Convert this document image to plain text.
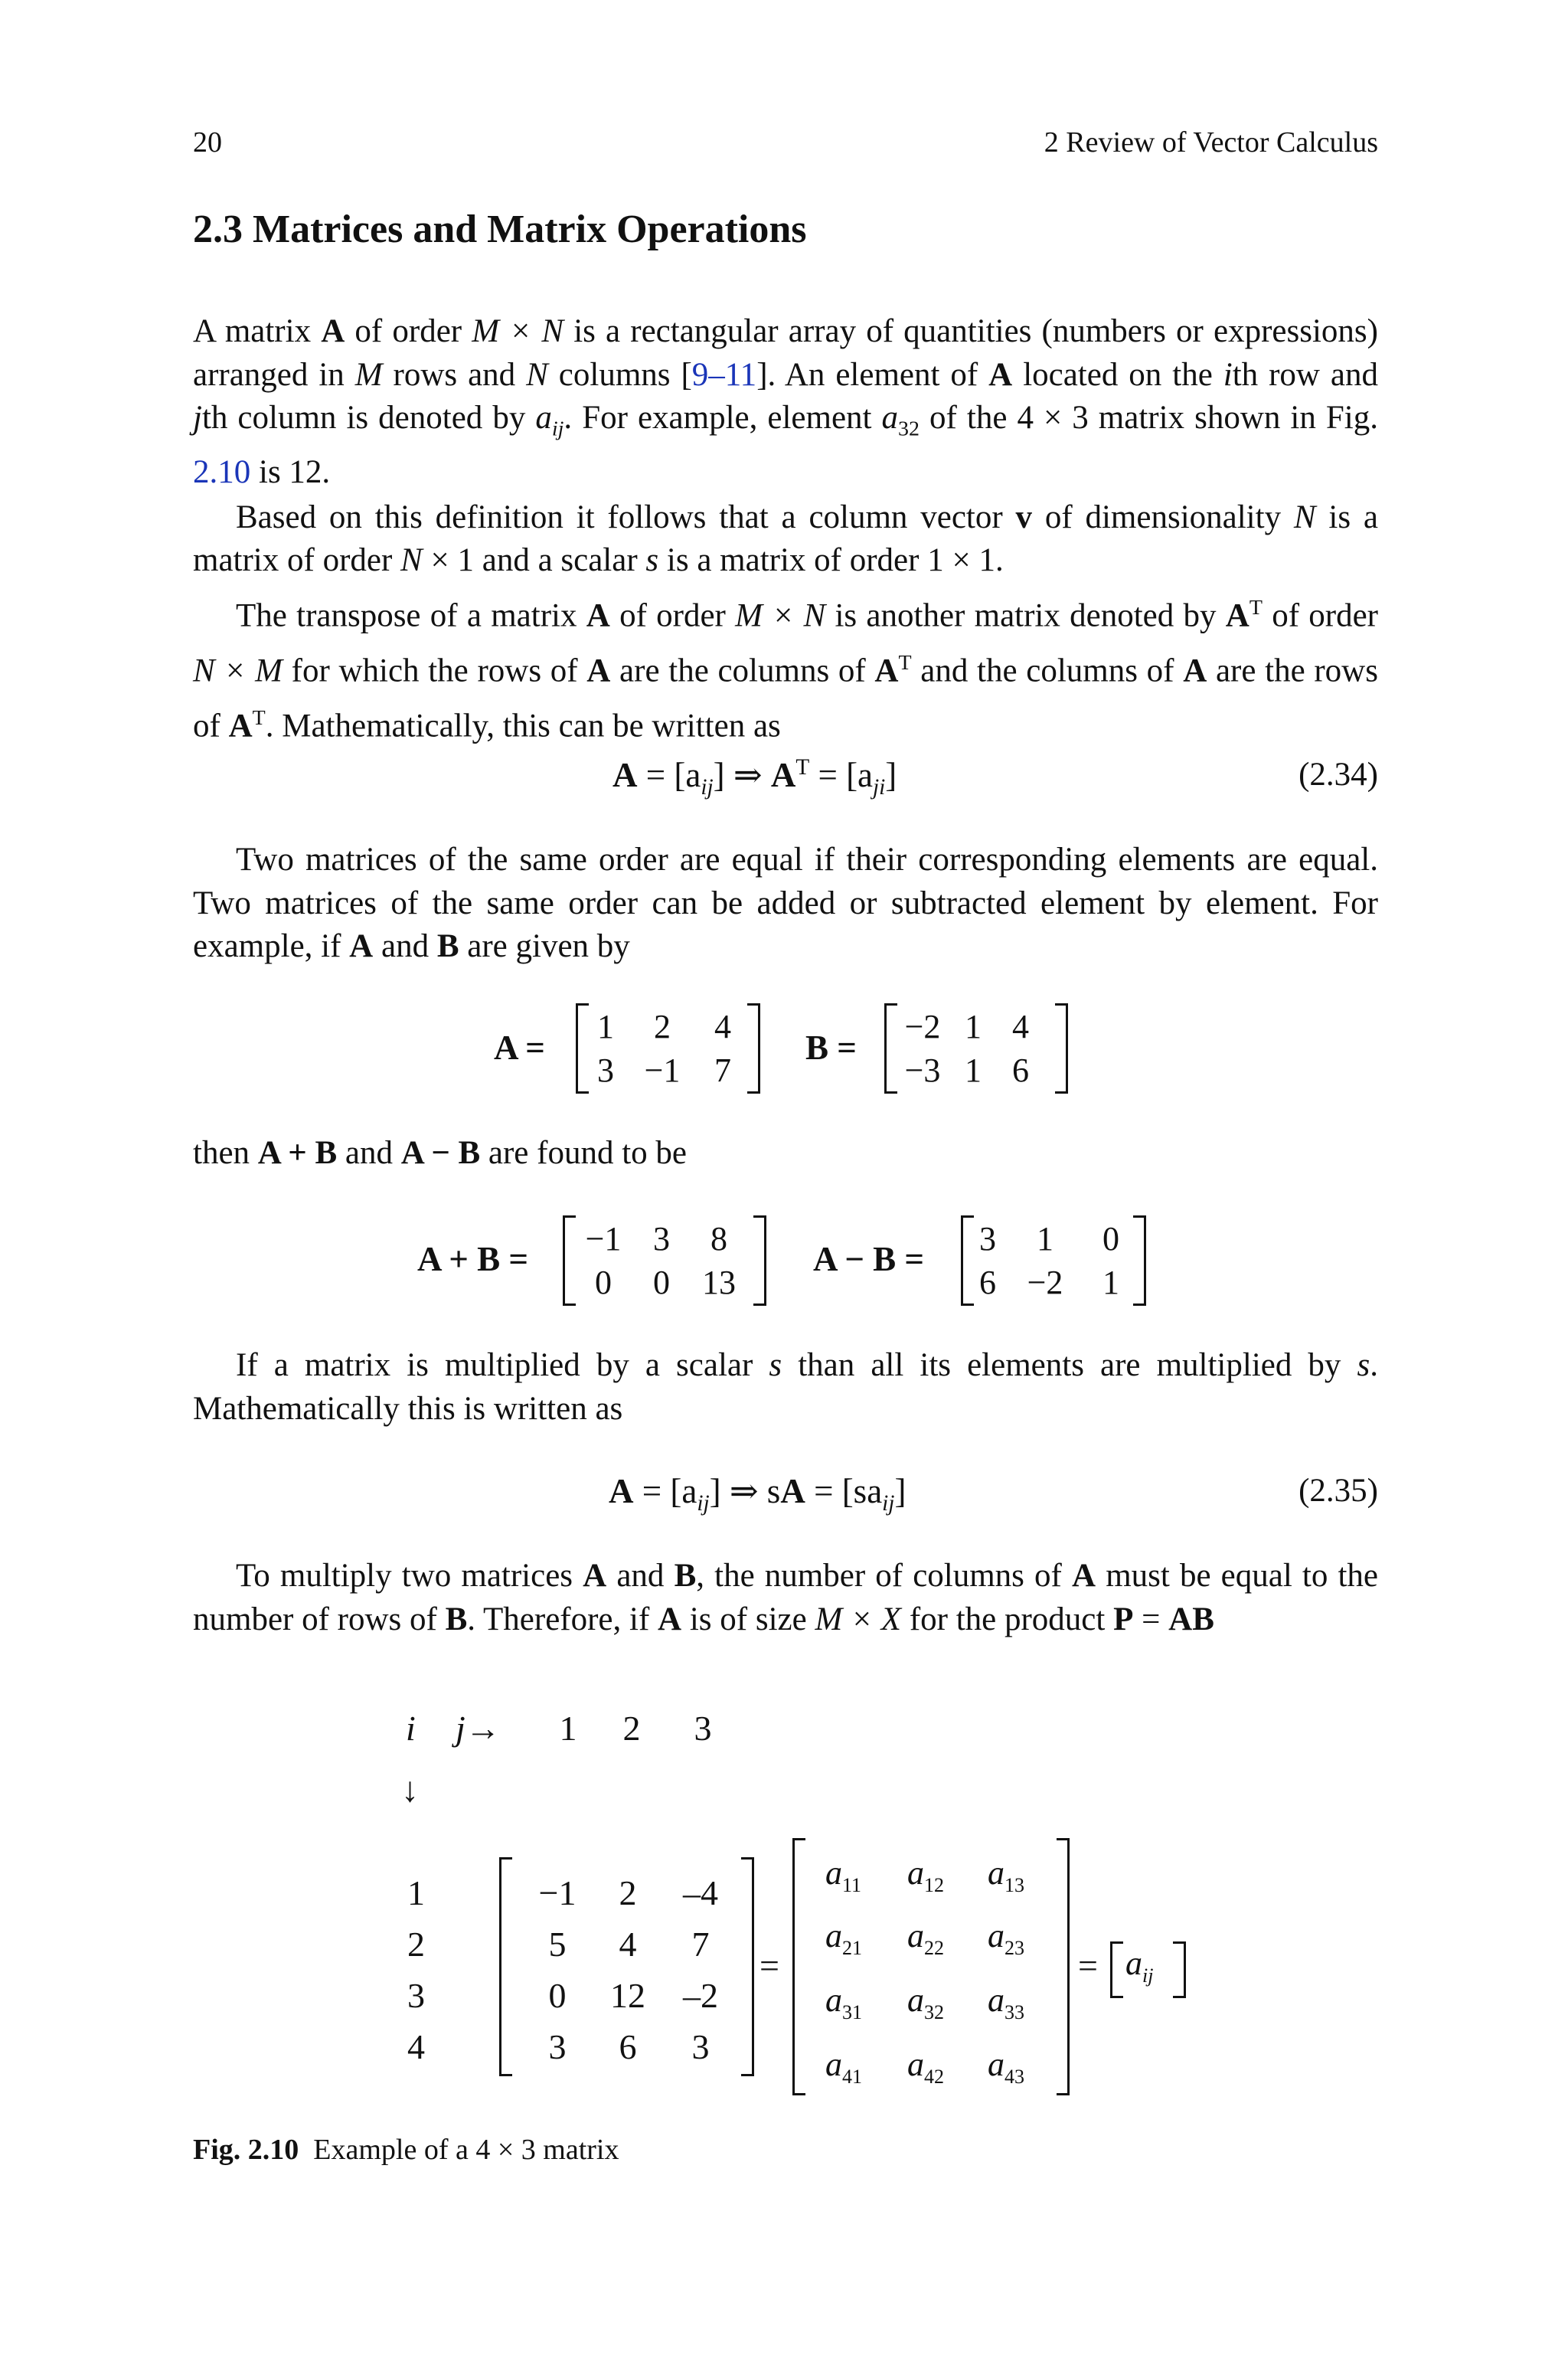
20	2 Review of Vector Calculus
2.3 Matrices and Matrix Operations

A matrix A of order M × N is a rectangular array of quantities (numbers or expressions) arranged in M rows and N columns [9–11]. An element of A located on the ith row and jth column is denoted by $a_{ij}$. For example, element $a_{32}$ of the 4 × 3 matrix shown in Fig. 2.10 is 12.

Based on this definition it follows that a column vector v of dimensionality N is a matrix of order N × 1 and a scalar s is a matrix of order 1 × 1.

The transpose of a matrix A of order M × N is another matrix denoted by $A^T$ of order N × M for which the rows of A are the columns of $A^T$ and the columns of A are the rows of $A^T$. Mathematically, this can be written as

$A = [a_{ij}]$ ⇒ $A^T = [a_{ji}]$	(2.34)

Two matrices of the same order are equal if their corresponding elements are equal. Two matrices of the same order can be added or subtracted element by element. For example, if A and B are given by

A =
1	2	4
3 −1	7
B =
−2 1 4
−3 1 6

then A + B and A − B are found to be

A + B =
−1 3	8
0	0 13
A − B =
3	1	0
6 −2	1

If a matrix is multiplied by a scalar s than all its elements are multiplied by s. Mathematically this is written as

$A = [a_{ij}]$ ⇒ sA = $[sa_{ij}]$	(2.35)

To multiply two matrices A and B, the number of columns of A must be equal to the number of rows of B. Therefore, if A is of size M × X for the product P = AB

i j→	1	2	3
↓
1
2
3
4
−1	2	–4
5	4	7
0	12	–2
3	6	3
=
$a_{11}$ $a_{12}$ $a_{13}$
$a_{21}$ $a_{22}$ $a_{23}$
$a_{31}$ $a_{32}$ $a_{33}$
$a_{41}$ $a_{42}$ $a_{43}$
= $a_{ij}$
Fig. 2.10 Example of a 4 × 3 matrix
